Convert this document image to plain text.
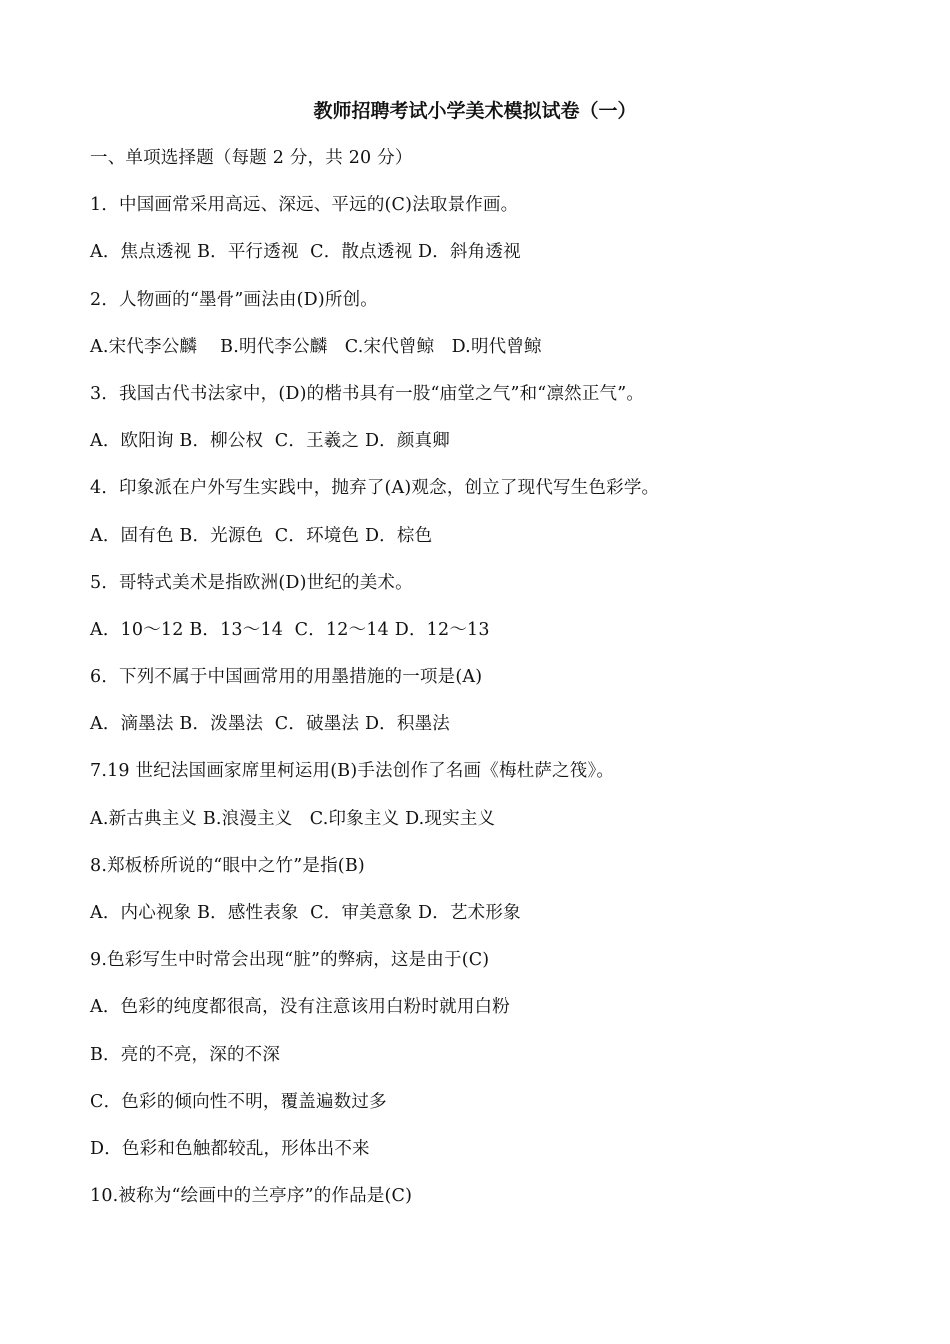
教师招聘考试小学美术模拟试卷（一）
一、单项选择题（每题 2 分，共 20 分）
1．中国画常采用高远、深远、平远的(C)法取景作画。
A．焦点透视 B．平行透视  C．散点透视 D．斜角透视
2．人物画的“墨骨”画法由(D)所创。
A.宋代李公麟    B.明代李公麟   C.宋代曾鲸   D.明代曾鲸
3．我国古代书法家中，(D)的楷书具有一股“庙堂之气”和“凛然正气”。
A．欧阳询 B．柳公权  C．王羲之 D．颜真卿
4．印象派在户外写生实践中，抛弃了(A)观念，创立了现代写生色彩学。
A．固有色 B．光源色  C．环境色 D．棕色
5．哥特式美术是指欧洲(D)世纪的美术。
A．10～12 B．13～14  C．12～14 D．12～13
6．下列不属于中国画常用的用墨措施的一项是(A)
A．滴墨法 B．泼墨法  C．破墨法 D．积墨法
7.19 世纪法国画家席里柯运用(B)手法创作了名画《梅杜萨之筏》。
A.新古典主义 B.浪漫主义   C.印象主义 D.现实主义
8.郑板桥所说的“眼中之竹”是指(B)
A．内心视象 B．感性表象  C．审美意象 D．艺术形象
9.色彩写生中时常会出现“脏”的弊病，这是由于(C)
A．色彩的纯度都很高，没有注意该用白粉时就用白粉
B．亮的不亮，深的不深
C．色彩的倾向性不明，覆盖遍数过多
D．色彩和色触都较乱，形体出不来
10.被称为“绘画中的兰亭序”的作品是(C)
